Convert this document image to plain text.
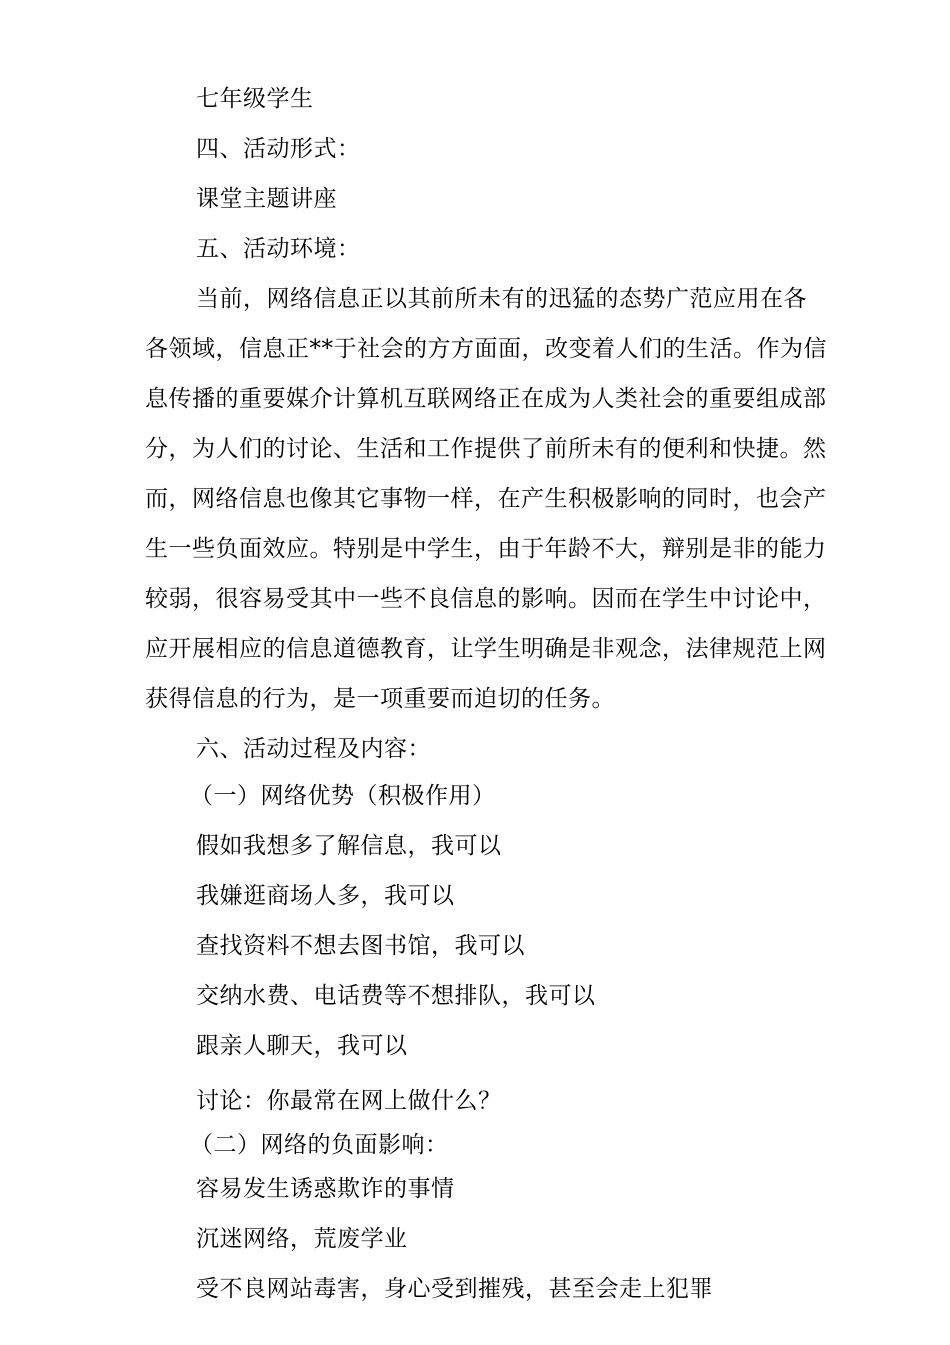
七年级学生
四、活动形式：
课堂主题讲座
五、活动环境：
当前，网络信息正以其前所未有的迅猛的态势广范应用在各
各领域，信息正**于社会的方方面面，改变着人们的生活。作为信
息传播的重要媒介计算机互联网络正在成为人类社会的重要组成部
分，为人们的讨论、生活和工作提供了前所未有的便利和快捷。然
而，网络信息也像其它事物一样，在产生积极影响的同时，也会产
生一些负面效应。特别是中学生，由于年龄不大，辩别是非的能力
较弱，很容易受其中一些不良信息的影响。因而在学生中讨论中，
应开展相应的信息道德教育，让学生明确是非观念，法律规范上网
获得信息的行为，是一项重要而迫切的任务。
六、活动过程及内容：
（一）网络优势（积极作用）
假如我想多了解信息，我可以
我嫌逛商场人多，我可以
查找资料不想去图书馆，我可以
交纳水费、电话费等不想排队，我可以
跟亲人聊天，我可以
讨论：你最常在网上做什么？
（二）网络的负面影响：
容易发生诱惑欺诈的事情
沉迷网络，荒废学业
受不良网站毒害，身心受到摧残，甚至会走上犯罪
